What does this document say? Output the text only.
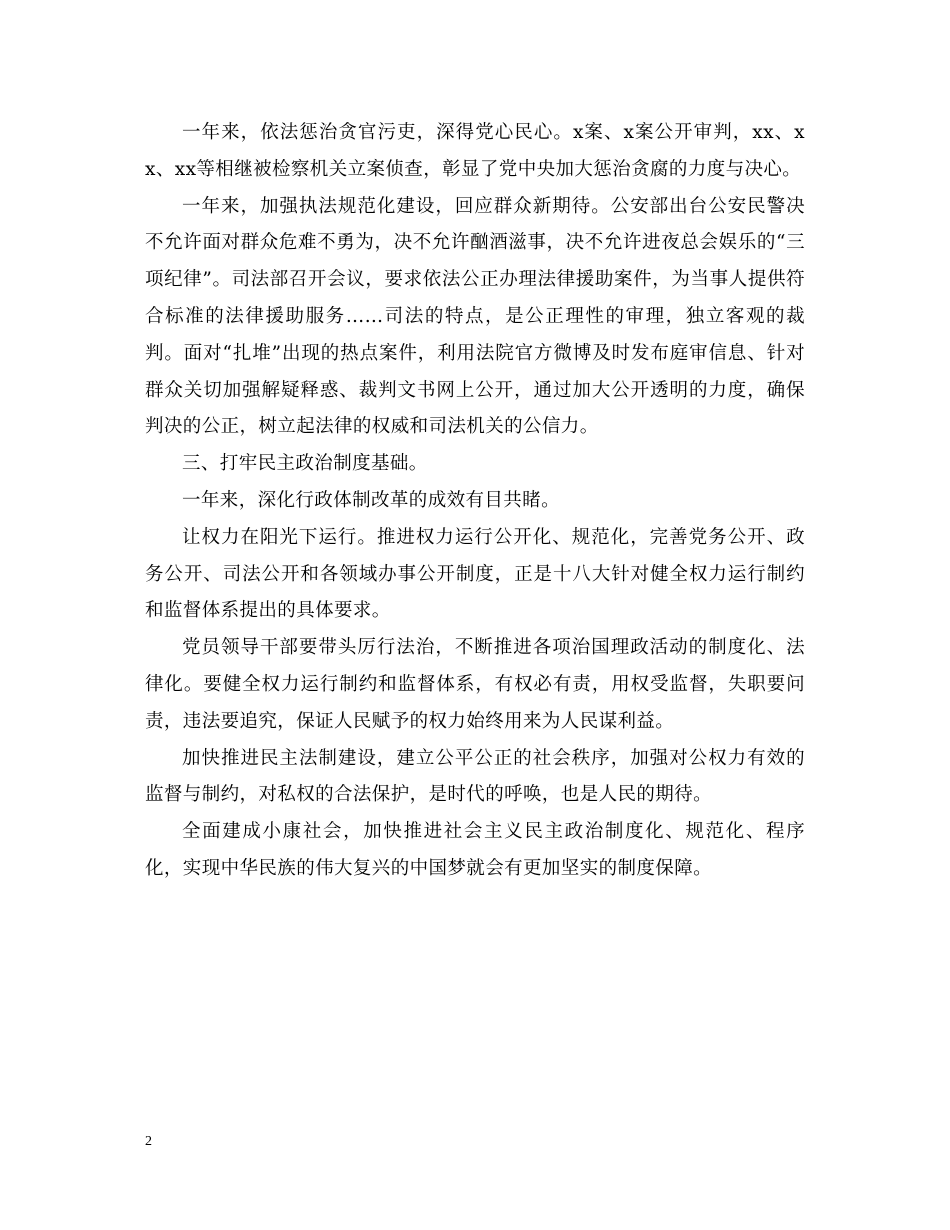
一年来，依法惩治贪官污吏，深得党心民心。x案、x案公开审判，xx、xx、xx等相继被检察机关立案侦查，彰显了党中央加大惩治贪腐的力度与决心。

一年来，加强执法规范化建设，回应群众新期待。公安部出台公安民警决不允许面对群众危难不勇为，决不允许酗酒滋事，决不允许进夜总会娱乐的“三项纪律”。司法部召开会议，要求依法公正办理法律援助案件，为当事人提供符合标准的法律援助服务……司法的特点，是公正理性的审理，独立客观的裁判。面对“扎堆”出现的热点案件，利用法院官方微博及时发布庭审信息、针对群众关切加强解疑释惑、裁判文书网上公开，通过加大公开透明的力度，确保判决的公正，树立起法律的权威和司法机关的公信力。

三、打牢民主政治制度基础。

一年来，深化行政体制改革的成效有目共睹。

让权力在阳光下运行。推进权力运行公开化、规范化，完善党务公开、政务公开、司法公开和各领域办事公开制度，正是十八大针对健全权力运行制约和监督体系提出的具体要求。

党员领导干部要带头厉行法治，不断推进各项治国理政活动的制度化、法律化。要健全权力运行制约和监督体系，有权必有责，用权受监督，失职要问责，违法要追究，保证人民赋予的权力始终用来为人民谋利益。

加快推进民主法制建设，建立公平公正的社会秩序，加强对公权力有效的监督与制约，对私权的合法保护，是时代的呼唤，也是人民的期待。

全面建成小康社会，加快推进社会主义民主政治制度化、规范化、程序化，实现中华民族的伟大复兴的中国梦就会有更加坚实的制度保障。

2
